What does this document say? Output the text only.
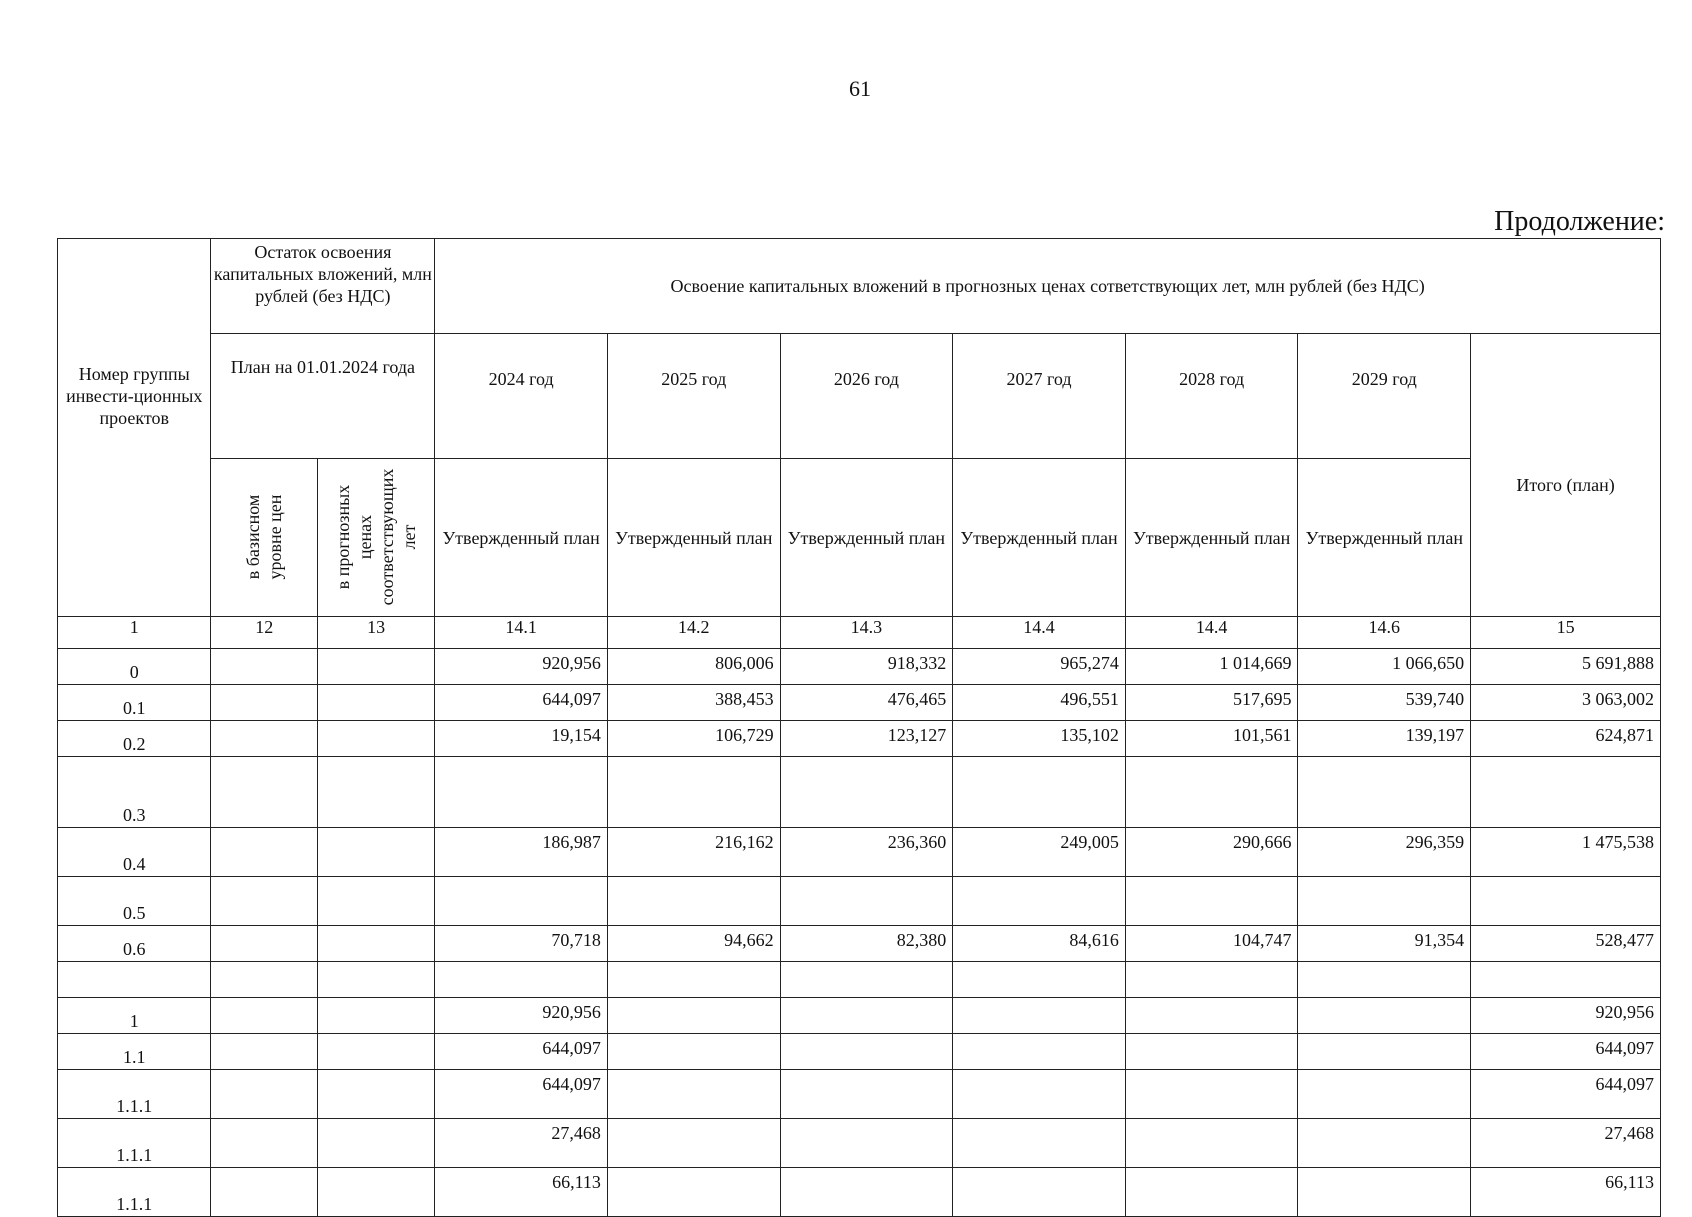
61
Продолжение:
Номер группы инвести-ционных проектов	Остаток освоения капитальных вложений, млн рублей (без НДС)		Освоение капитальных вложений в прогнозных ценах сответствующих лет, млн рублей (без НДС)						
	План на 01.01.2024 года		2024 год	2025 год	2026 год	2027 год	2028 год	2029 год	Итого (план)

	в базисном уровне цен	в прогнозных ценах соответствующих лет	Утвержденный план	Утвержденный план	Утвержденный план	Утвержденный план	Утвержденный план	Утвержденный план	
1	12	13	14.1	14.2	14.3	14.4	14.4	14.6	15
0			920,956	806,006	918,332	965,274	1 014,669	1 066,650	5 691,888
0.1			644,097	388,453	476,465	496,551	517,695	539,740	3 063,002
0.2			19,154	106,729	123,127	135,102	101,561	139,197	624,871
0.3									
0.4			186,987	216,162	236,360	249,005	290,666	296,359	1 475,538
0.5									
0.6			70,718	94,662	82,380	84,616	104,747	91,354	528,477

1			920,956						920,956
1.1			644,097						644,097
1.1.1			644,097						644,097
1.1.1			27,468						27,468
1.1.1			66,113						66,113
